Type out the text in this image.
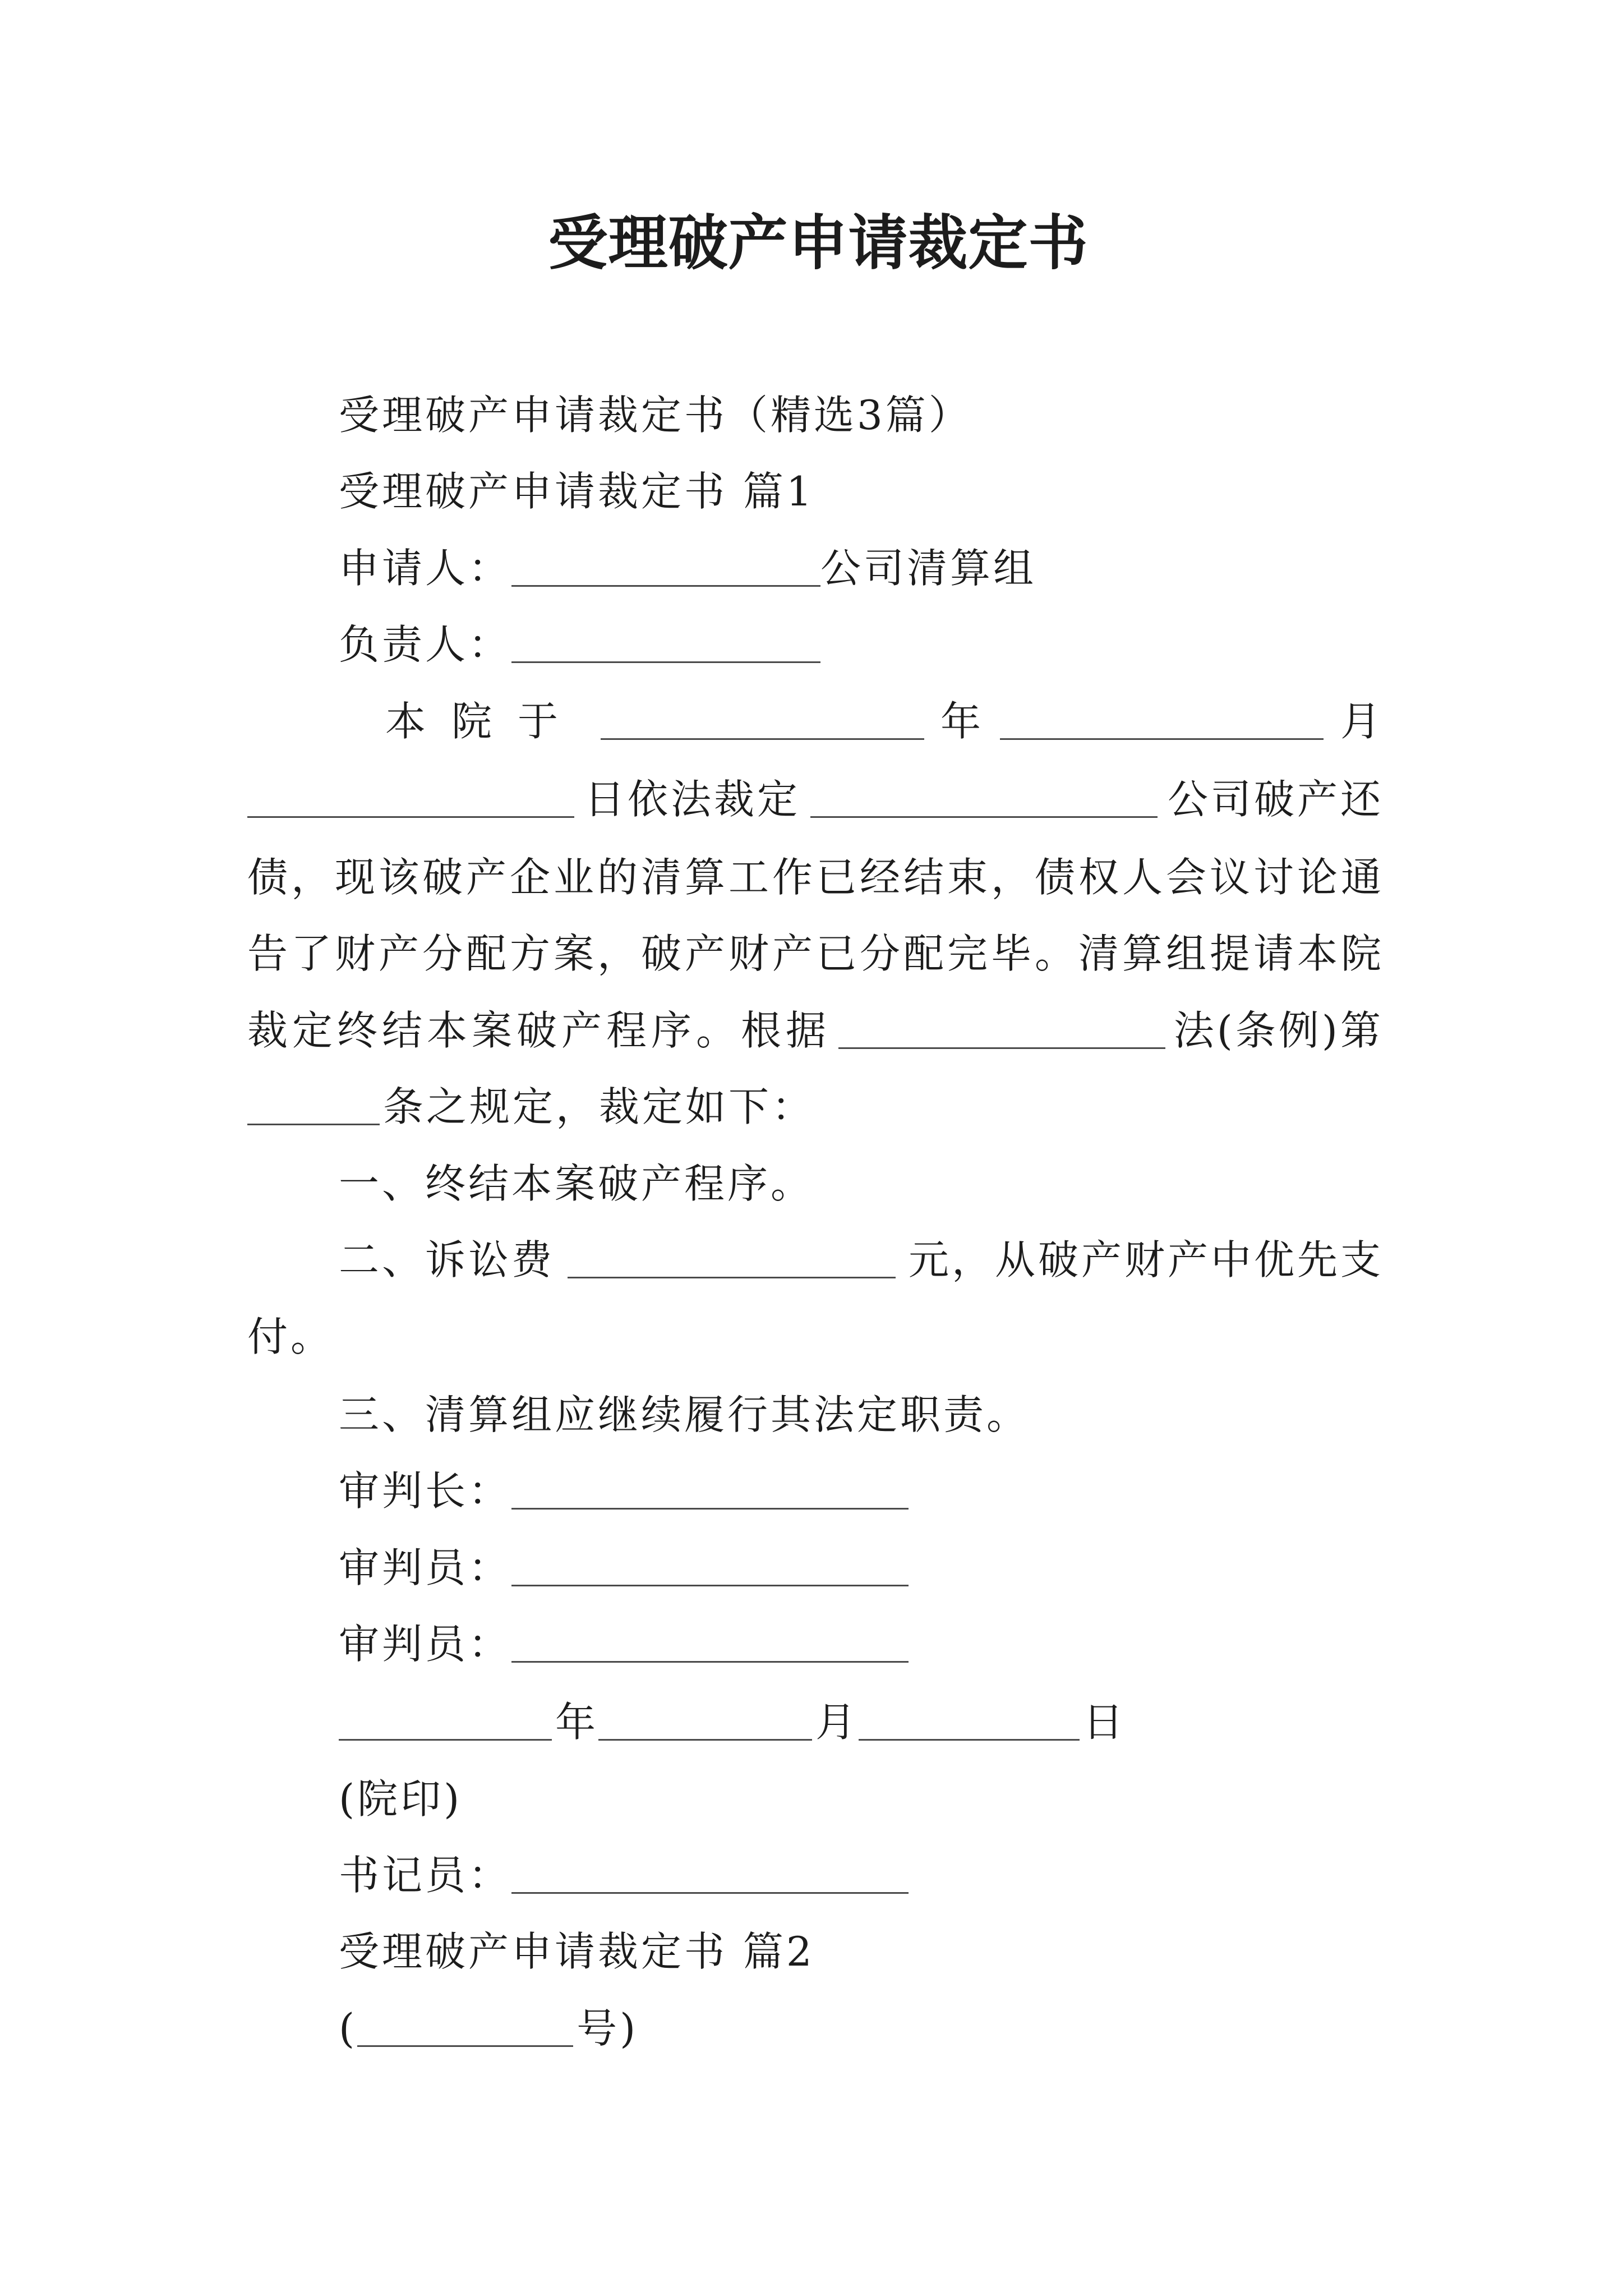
受理破产申请裁定书
受理破产申请裁定书（精选3篇）
受理破产申请裁定书 篇1
申请人：	公司清算组
负责人：
本院于	年	月
日依法裁定	公司破产还
债，现该破产企业的清算工作已经结束，债权人会议讨论通
告了财产分配方案，破产财产已分配完毕。清算组提请本院
裁定终结本案破产程序。根据	法(条例)第
条之规定，裁定如下：
一、终结本案破产程序。
二、诉讼费	元，从破产财产中优先支
付。
三、清算组应继续履行其法定职责。
审判长：
审判员：
审判员：
年	月	日
(院印)
书记员：
受理破产申请裁定书 篇2
(	号)
